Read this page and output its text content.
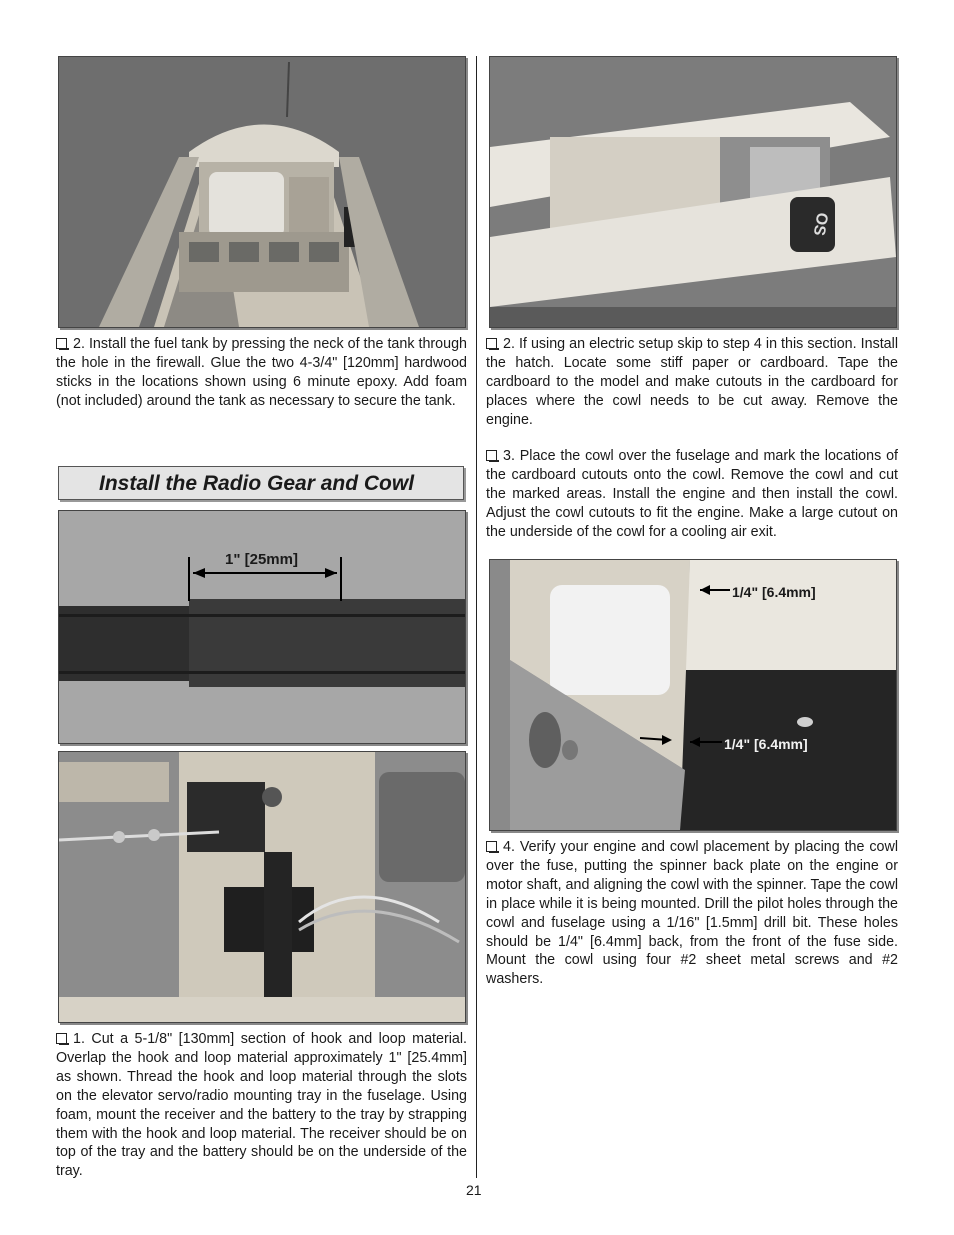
2. Install the fuel tank by pressing the neck of the tank through the hole in the firewall. Glue the two 4-3/4" [120mm] hardwood sticks in the locations shown using 6 minute epoxy. Add foam (not included) around the tank as necessary to secure the tank.

Install the Radio Gear and Cowl
1" [25mm]

1. Cut a 5-1/8" [130mm] section of hook and loop material. Overlap the hook and loop material approximately 1" [25.4mm] as shown. Thread the hook and loop material through the slots on the elevator servo/radio mounting tray in the fuselage. Using foam, mount the receiver and the battery to the tray by strapping them with the hook and loop material. The receiver should be on top of the tray and the battery should be on the underside of the tray.

OS

2. If using an electric setup skip to step 4 in this section. Install the hatch. Locate some stiff paper or cardboard. Tape the cardboard to the model and make cutouts in the cardboard for places where the cowl needs to be cut away. Remove the engine.

3. Place the cowl over the fuselage and mark the locations of the cardboard cutouts onto the cowl. Remove the cowl and cut the marked areas. Install the engine and then install the cowl. Adjust the cowl cutouts to fit the engine. Make a large cutout on the underside of the cowl for a cooling air exit.

1/4" [6.4mm]
1/4" [6.4mm]

4. Verify your engine and cowl placement by placing the cowl over the fuse, putting the spinner back plate on the engine or motor shaft, and aligning the cowl with the spinner. Tape the cowl in place while it is being mounted. Drill the pilot holes through the cowl and fuselage using a 1/16" [1.5mm] drill bit. These holes should be 1/4" [6.4mm] back, from the front of the fuse side. Mount the cowl using four #2 sheet metal screws and #2 washers.

21
